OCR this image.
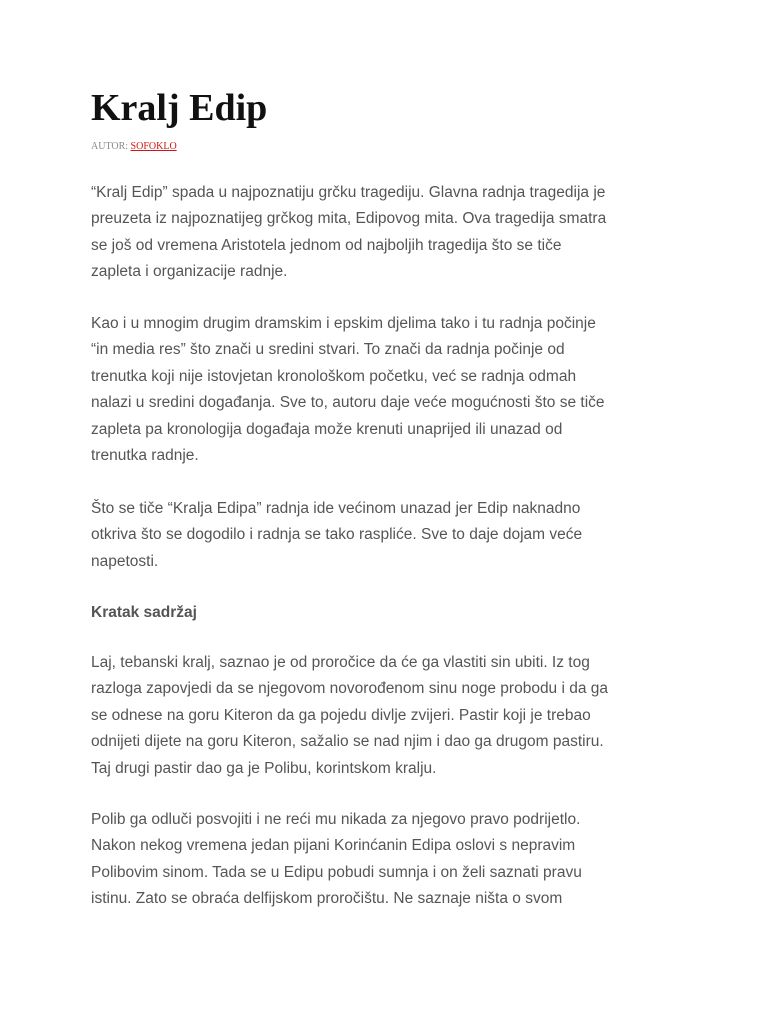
Kralj Edip
AUTOR: SOFOKLO

“Kralj Edip” spada u najpoznatiju grčku tragediju. Glavna radnja tragedija je
preuzeta iz najpoznatijeg grčkog mita, Edipovog mita. Ova tragedija smatra
se još od vremena Aristotela jednom od najboljih tragedija što se tiče
zapleta i organizacije radnje.

Kao i u mnogim drugim dramskim i epskim djelima tako i tu radnja počinje
“in media res” što znači u sredini stvari. To znači da radnja počinje od
trenutka koji nije istovjetan kronološkom početku, već se radnja odmah
nalazi u sredini događanja. Sve to, autoru daje veće mogućnosti što se tiče
zapleta pa kronologija događaja može krenuti unaprijed ili unazad od
trenutka radnje.

Što se tiče “Kralja Edipa” radnja ide većinom unazad jer Edip naknadno
otkriva što se dogodilo i radnja se tako raspliće. Sve to daje dojam veće
napetosti.

Kratak sadržaj

Laj, tebanski kralj, saznao je od proročice da će ga vlastiti sin ubiti. Iz tog
razloga zapovjedi da se njegovom novorođenom sinu noge probodu i da ga
se odnese na goru Kiteron da ga pojedu divlje zvijeri. Pastir koji je trebao
odnijeti dijete na goru Kiteron, sažalio se nad njim i dao ga drugom pastiru.
Taj drugi pastir dao ga je Polibu, korintskom kralju.

Polib ga odluči posvojiti i ne reći mu nikada za njegovo pravo podrijetlo.
Nakon nekog vremena jedan pijani Korinćanin Edipa oslovi s nepravim
Polibovim sinom. Tada se u Edipu pobudi sumnja i on želi saznati pravu
istinu. Zato se obraća delfijskom proročištu. Ne saznaje ništa o svom
